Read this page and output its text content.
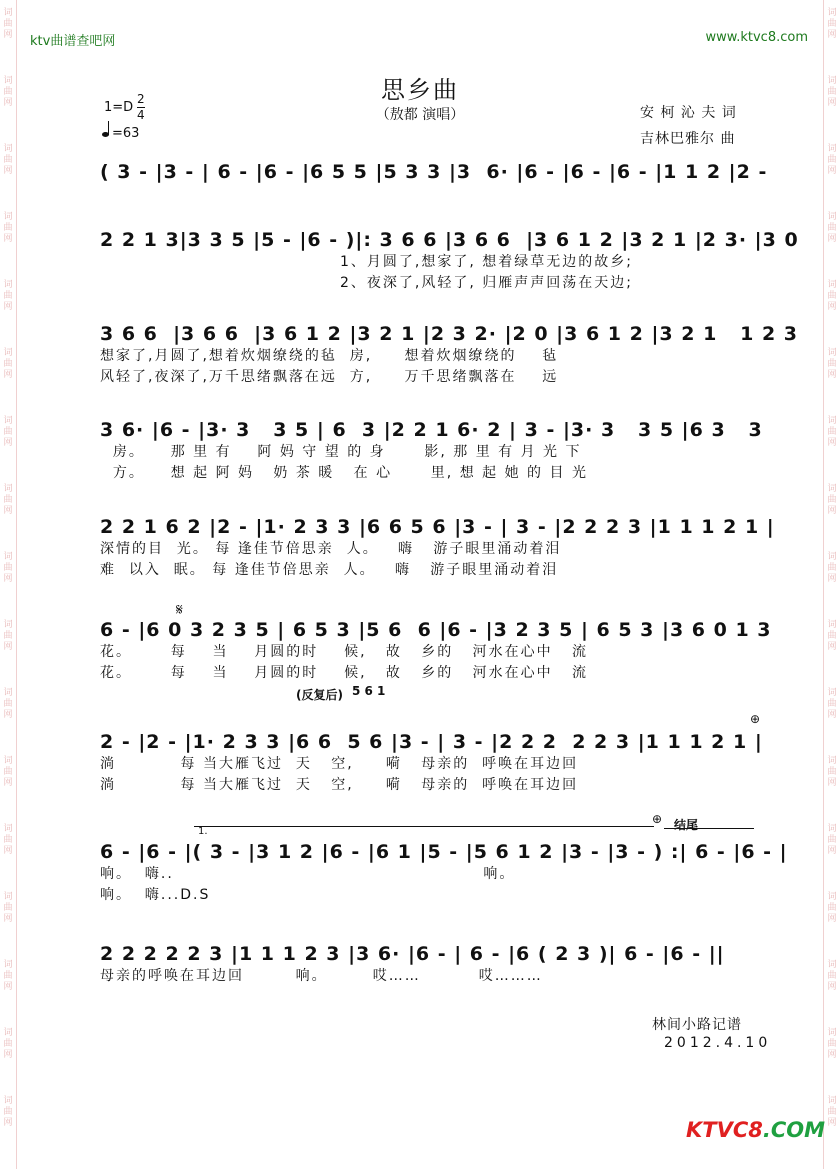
词
曲
网
词
曲
网
词
曲
网
词
曲
网
词
曲
网
词
曲
网
词
曲
网
词
曲
网
词
曲
网
词
曲
网
词
曲
网
词
曲
网
词
曲
网
词
曲
网
词
曲
网
词
曲
网
词
曲
网
词
曲
网
词
曲
网
词
曲
网
词
曲
网
词
曲
网
词
曲
网
词
曲
网
词
曲
网
词
曲
网
词
曲
网
词
曲
网
词
曲
网
词
曲
网
词
曲
网
词
曲
网
词
曲
网
词
曲
网
ktv曲谱查吧网	www.ktvc8.com
思乡曲
（敖都 演唱）
1=D
2
4
=63
安 柯 沁 夫 词
吉林巴雅尔 曲
( 3 - |3 - | 6 - |6 - |6 5 5 |5 3 3 |3  6· |6 - |6 - |6 - |1 1 2 |2 -
2 2 1 3|3 3 5 |5 - |6 - )|: 3 6 6 |3 6 6  |3 6 1 2 |3 2 1 |2 3· |3 0
1、月圆了,想家了, 想着绿草无边的故乡;
2、夜深了,风轻了, 归雁声声回荡在天边;
3 6 6  |3 6 6  |3 6 1 2 |3 2 1 |2 3 2· |2 0 |3 6 1 2 |3 2 1   1 2 3
想家了,月圆了,想着炊烟缭绕的毡  房,     想着炊烟缭绕的    毡
风轻了,夜深了,万千思绪飘落在远  方,     万千思绪飘落在    远
3 6· |6 - |3· 3   3 5 | 6  3 |2 2 1 6· 2 | 3 - |3· 3   3 5 |6 3   3
房。    那 里 有    阿 妈 守 望 的 身      影, 那 里 有 月 光 下
方。    想 起 阿 妈   奶 茶 暖   在 心      里, 想 起 她 的 目 光
2 2 1 6 2 |2 - |1· 2 3 3 |6 6 5 6 |3 - | 3 - |2 2 2 3 |1 1 1 2 1 |
深情的目  光。 每 逢佳节倍思亲  人。   嗨   游子眼里涌动着泪
难  以入  眠。 每 逢佳节倍思亲  人。   嗨   游子眼里涌动着泪
6 - |6 0 3 2 3 5 | 6 5 3 |5 6  6 |6 - |3 2 3 5 | 6 5 3 |3 6 0 1 3
花。      每    当    月圆的时    候,   故   乡的   河水在心中   流
花。      每    当    月圆的时    候,   故   乡的   河水在心中   流
(反复后) 5 6 1
𝄋
2 - |2 - |1· 2 3 3 |6 6  5 6 |3 - | 3 - |2 2 2  2 2 3 |1 1 1 2 1 |
淌          每 当大雁飞过  天   空,     嗬   母亲的  呼唤在耳边回
淌          每 当大雁飞过  天   空,     嗬   母亲的  呼唤在耳边回
⊕
6 - |6 - |( 3 - |3 1 2 |6 - |6 1 |5 - |5 6 1 2 |3 - |3 - ) :| 6 - |6 - |
响。  嗨..                                                响。
响。  嗨...D.S
1.
⊕ 结尾
2 2 2 2 2 3 |1 1 1 2 3 |3 6· |6 - | 6 - |6 ( 2 3 )| 6 - |6 - ||
母亲的呼唤在耳边回        响。       哎……         哎………
林间小路记谱
2012.4.10
KTVC8.COM
